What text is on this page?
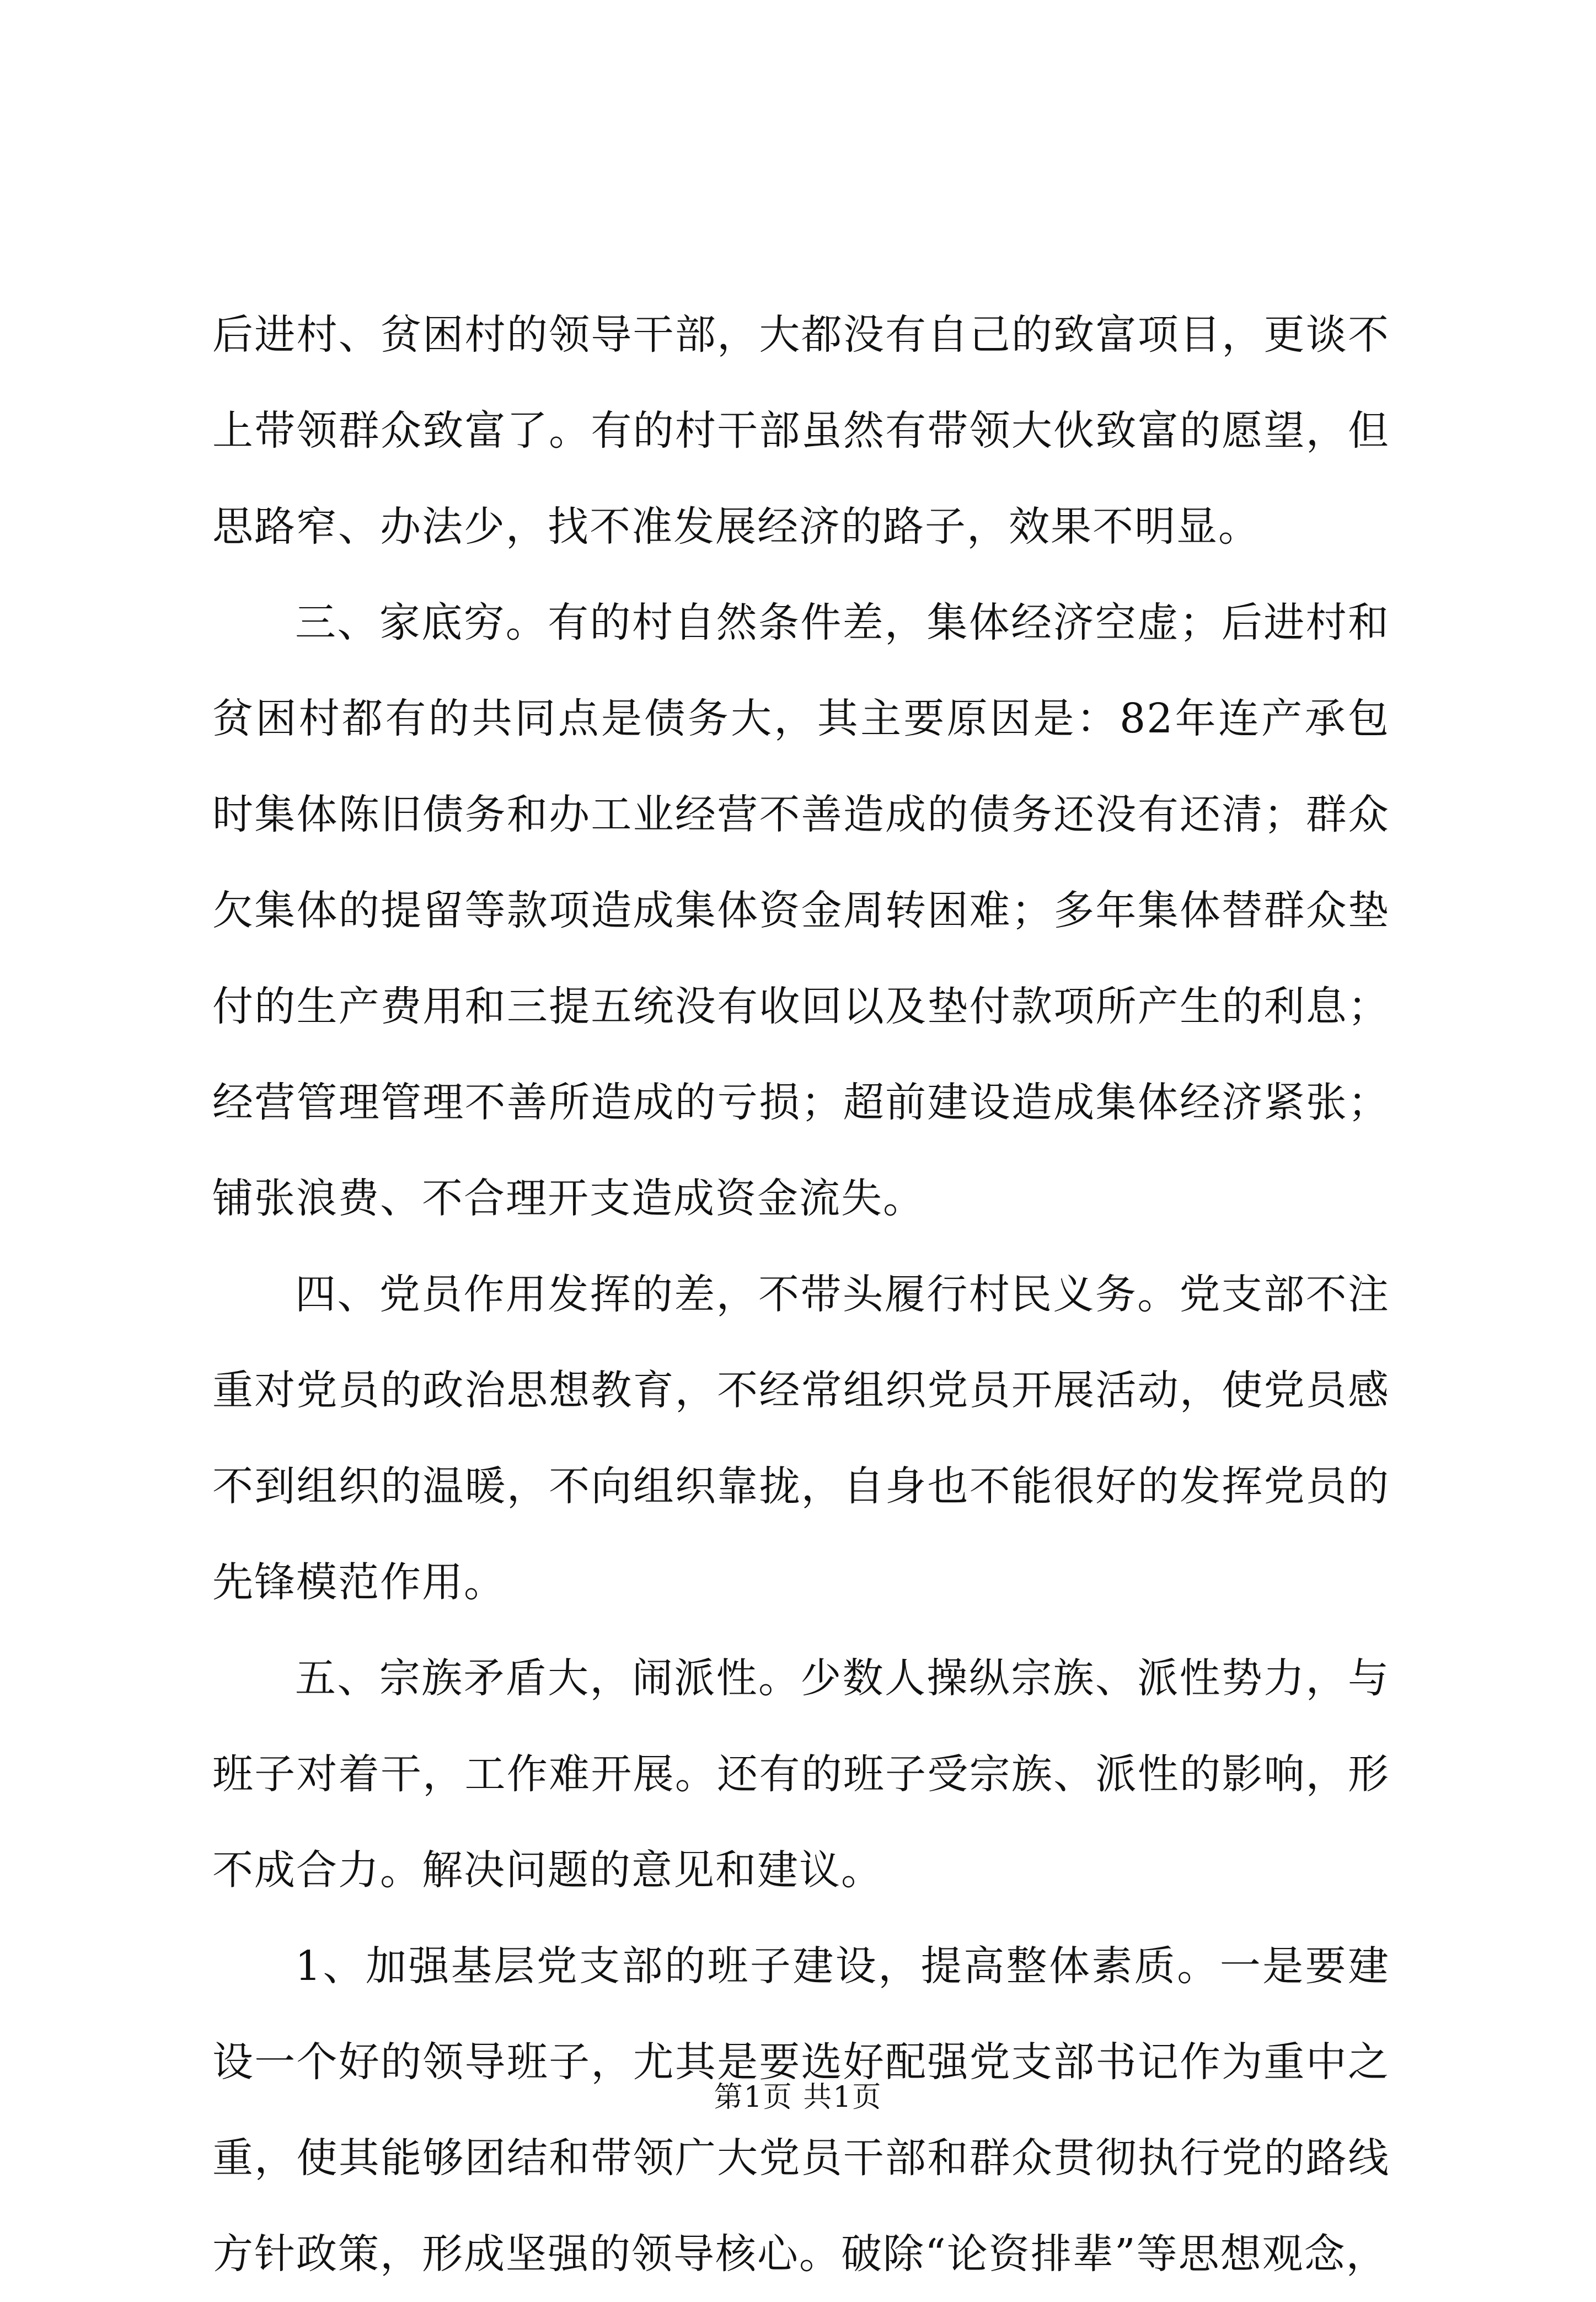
后进村、贫困村的领导干部，大都没有自己的致富项目，更谈不上带领群众致富了。有的村干部虽然有带领大伙致富的愿望，但思路窄、办法少，找不准发展经济的路子，效果不明显。

三、家底穷。有的村自然条件差，集体经济空虚；后进村和贫困村都有的共同点是债务大，其主要原因是：82年连产承包时集体陈旧债务和办工业经营不善造成的债务还没有还清；群众欠集体的提留等款项造成集体资金周转困难；多年集体替群众垫付的生产费用和三提五统没有收回以及垫付款项所产生的利息；经营管理管理不善所造成的亏损；超前建设造成集体经济紧张；铺张浪费、不合理开支造成资金流失。

四、党员作用发挥的差，不带头履行村民义务。党支部不注重对党员的政治思想教育，不经常组织党员开展活动，使党员感不到组织的温暖，不向组织靠拢，自身也不能很好的发挥党员的先锋模范作用。

五、宗族矛盾大，闹派性。少数人操纵宗族、派性势力，与班子对着干，工作难开展。还有的班子受宗族、派性的影响，形不成合力。解决问题的意见和建议。

1、加强基层党支部的班子建设，提高整体素质。一是要建设一个好的领导班子，尤其是要选好配强党支部书记作为重中之重，使其能够团结和带领广大党员干部和群众贯彻执行党的路线方针政策，形成坚强的领导核心。破除“论资排辈”等思想观念，

第1页 共1页
